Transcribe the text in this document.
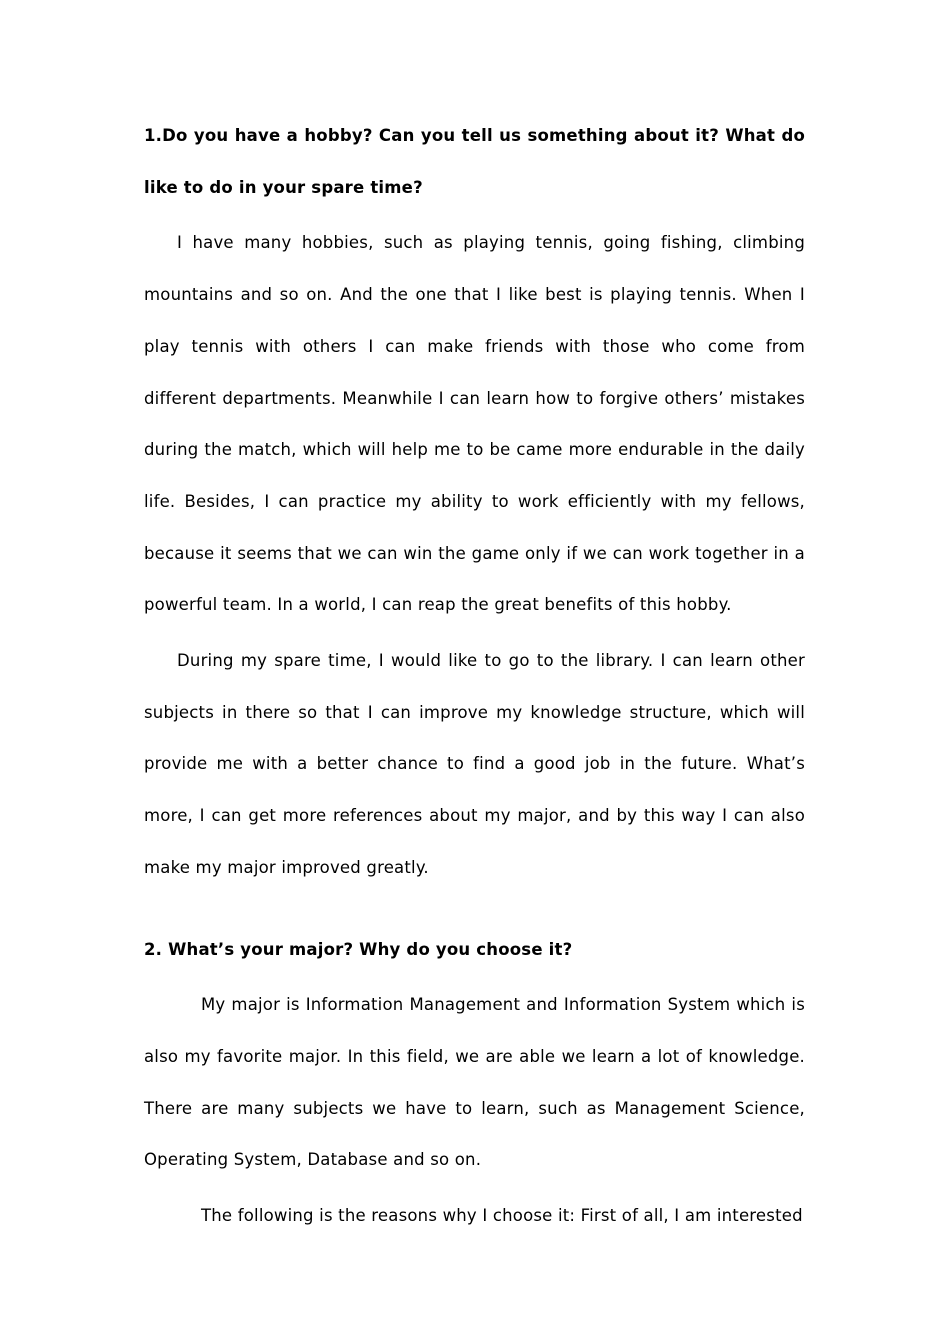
1.Do you have a hobby? Can you tell us something about it? What do like to do in your spare time?

I have many hobbies, such as playing tennis, going fishing, climbing mountains and so on. And the one that I like best is playing tennis. When I play tennis with others I can make friends with those who come from different departments. Meanwhile I can learn how to forgive others’ mistakes during the match, which will help me to be came more endurable in the daily life. Besides, I can practice my ability to work efficiently with my fellows, because it seems that we can win the game only if we can work together in a powerful team. In a world, I can reap the great benefits of this hobby.

During my spare time, I would like to go to the library. I can learn other subjects in there so that I can improve my knowledge structure, which will provide me with a better chance to find a good job in the future. What’s more, I can get more references about my major, and by this way I can also make my major improved greatly.

2. What’s your major? Why do you choose it?

My major is Information Management and Information System which is also my favorite major. In this field, we are able we learn a lot of knowledge. There are many subjects we have to learn, such as Management Science, Operating System, Database and so on.

The following is the reasons why I choose it: First of all, I am interested
